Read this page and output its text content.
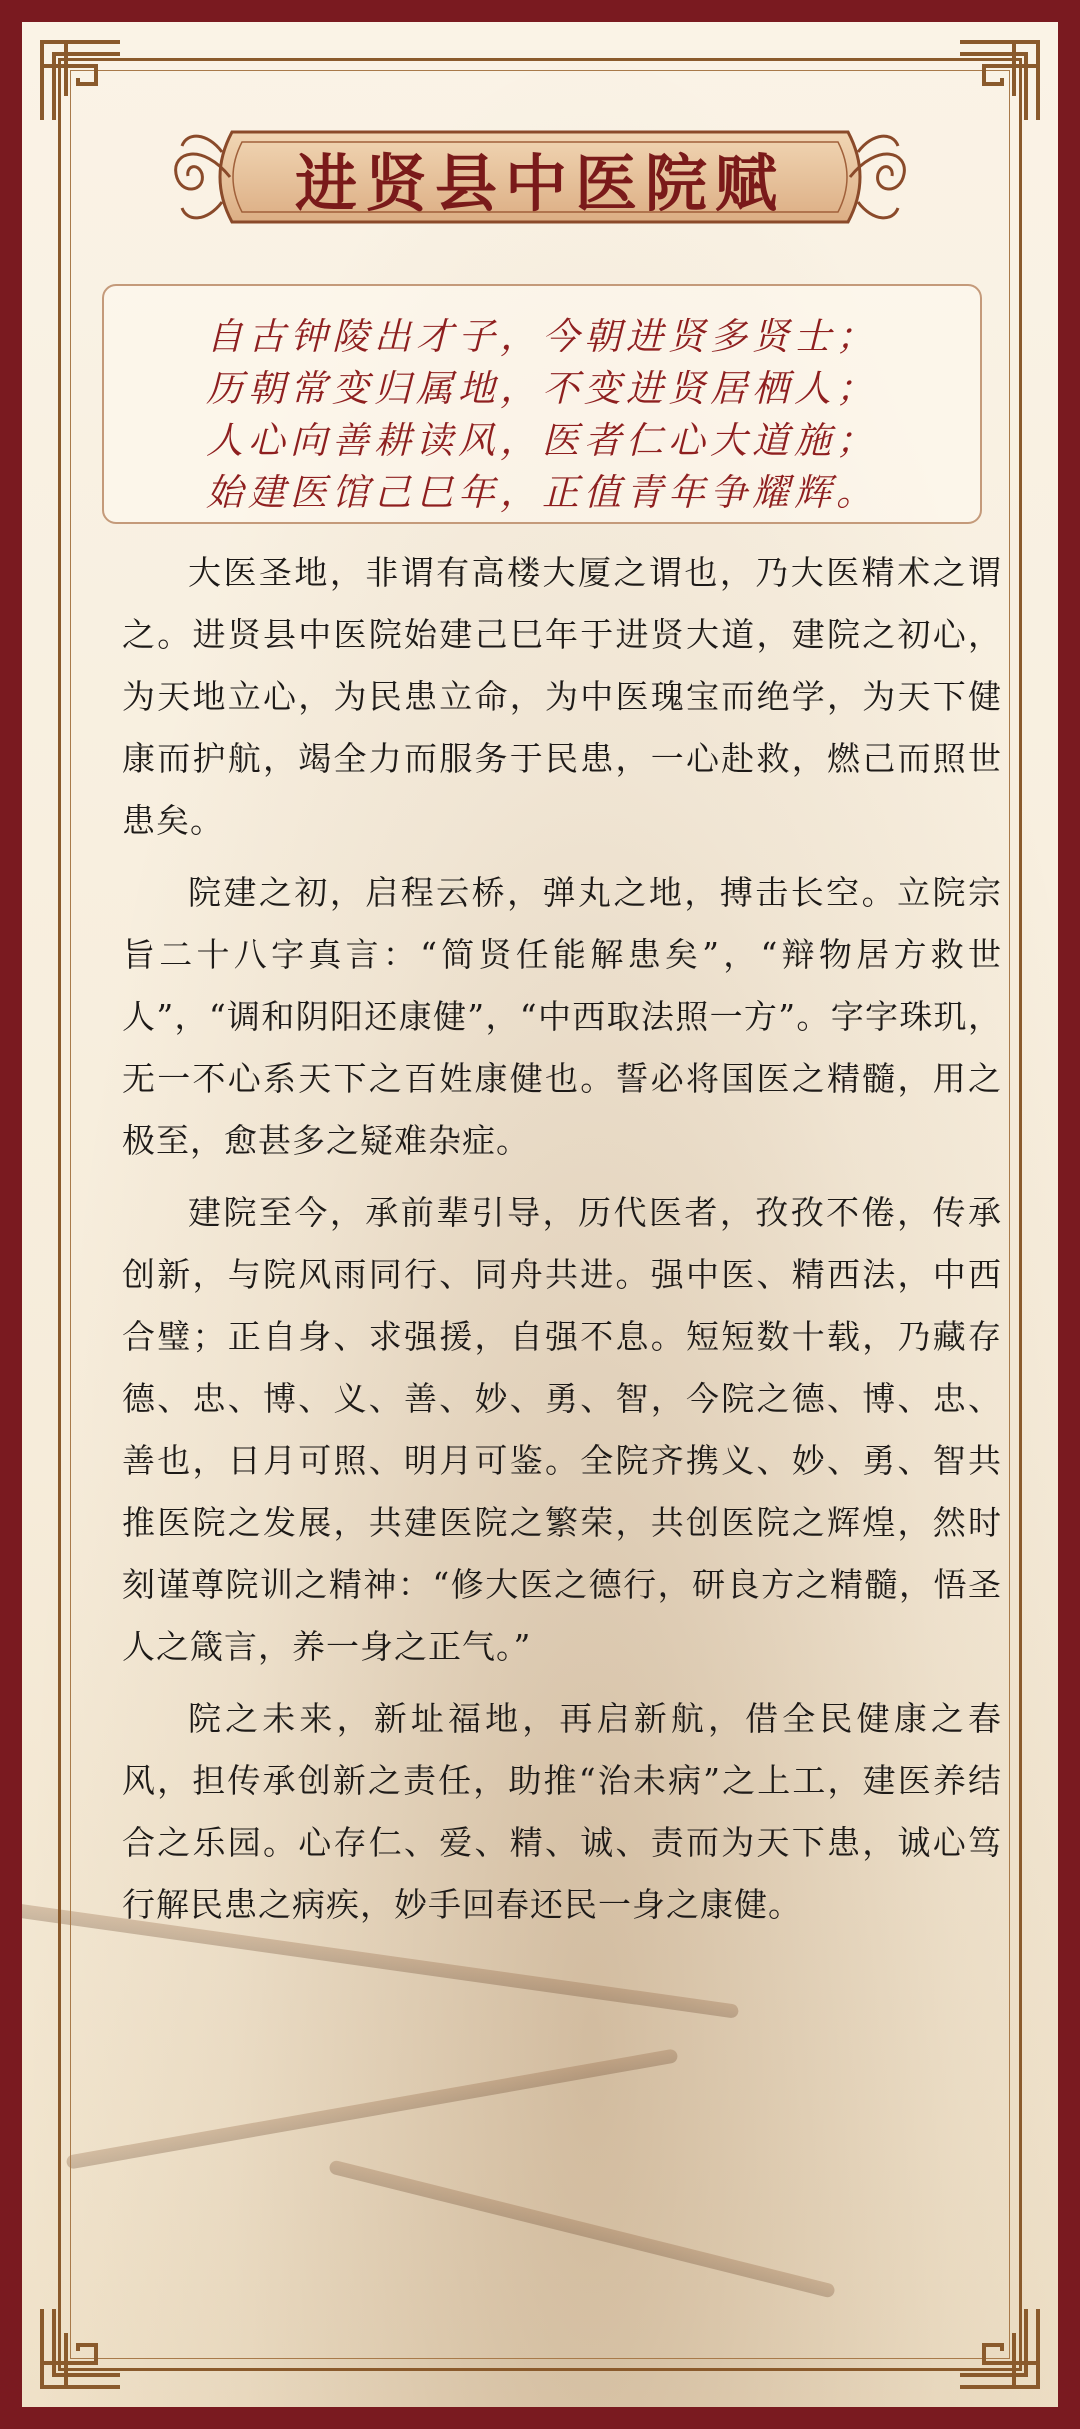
进贤县中医院赋
自古钟陵出才子，今朝进贤多贤士；
历朝常变归属地，不变进贤居栖人；
人心向善耕读风，医者仁心大道施；
始建医馆己巳年，正值青年争耀辉。

大医圣地，非谓有高楼大厦之谓也，乃大医精术之谓之。进贤县中医院始建己巳年于进贤大道，建院之初心，为天地立心，为民患立命，为中医瑰宝而绝学，为天下健康而护航，竭全力而服务于民患，一心赴救，燃己而照世患矣。

院建之初，启程云桥，弹丸之地，搏击长空。立院宗旨二十八字真言：“简贤任能解患矣”，“辩物居方救世人”，“调和阴阳还康健”，“中西取法照一方”。字字珠玑，无一不心系天下之百姓康健也。誓必将国医之精髓，用之极至，愈甚多之疑难杂症。

建院至今，承前辈引导，历代医者，孜孜不倦，传承创新，与院风雨同行、同舟共进。强中医、精西法，中西合璧；正自身、求强援，自强不息。短短数十载，乃藏存德、忠、博、义、善、妙、勇、智，今院之德、博、忠、善也，日月可照、明月可鉴。全院齐携义、妙、勇、智共推医院之发展，共建医院之繁荣，共创医院之辉煌，然时刻谨尊院训之精神：“修大医之德行，研良方之精髓，悟圣人之箴言，养一身之正气。”

院之未来，新址福地，再启新航，借全民健康之春风，担传承创新之责任，助推“治未病”之上工，建医养结合之乐园。心存仁、爱、精、诚、责而为天下患，诚心笃行解民患之病疾，妙手回春还民一身之康健。
